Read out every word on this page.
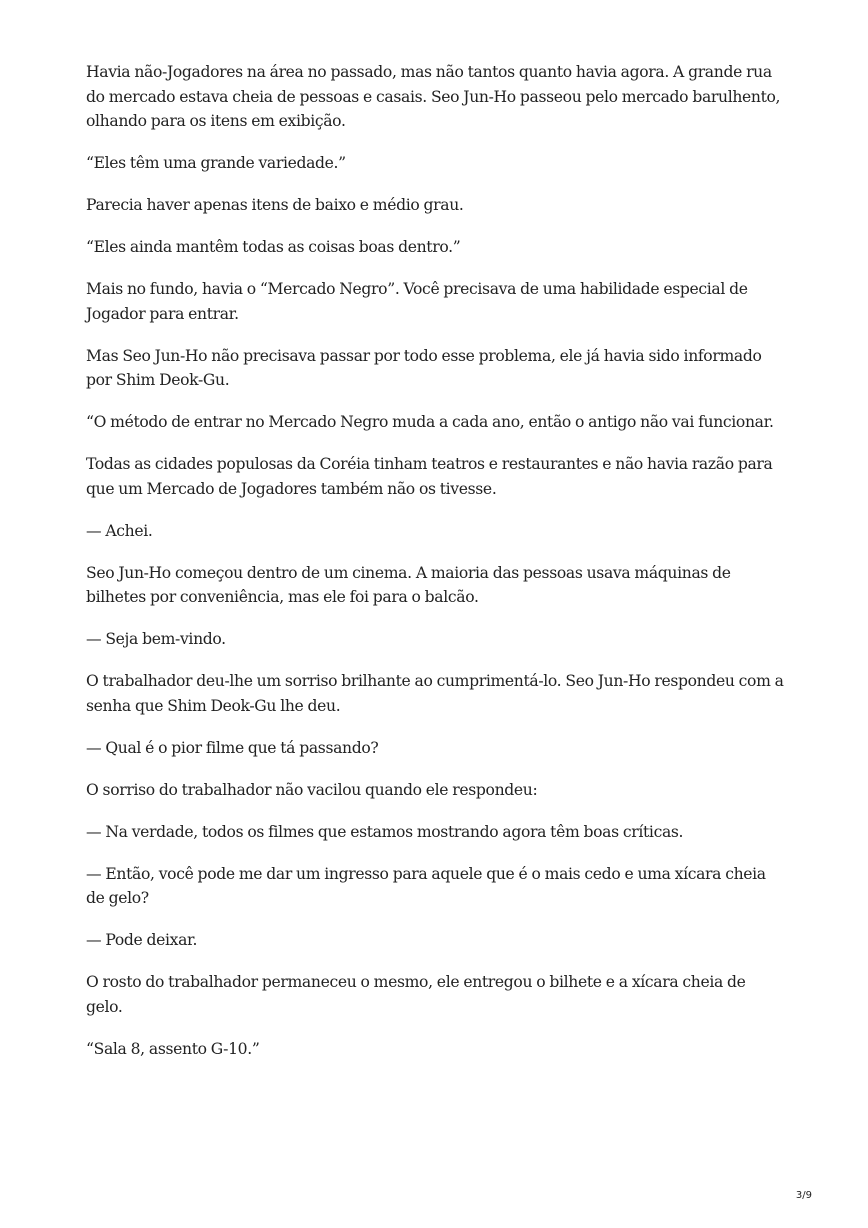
Havia não-Jogadores na área no passado, mas não tantos quanto havia agora. A grande rua do mercado estava cheia de pessoas e casais. Seo Jun-Ho passeou pelo mercado barulhento, olhando para os itens em exibição.

“Eles têm uma grande variedade.”

Parecia haver apenas itens de baixo e médio grau.

“Eles ainda mantêm todas as coisas boas dentro.”

Mais no fundo, havia o “Mercado Negro”. Você precisava de uma habilidade especial de Jogador para entrar.

Mas Seo Jun-Ho não precisava passar por todo esse problema, ele já havia sido informado por Shim Deok-Gu.

“O método de entrar no Mercado Negro muda a cada ano, então o antigo não vai funcionar.

Todas as cidades populosas da Coréia tinham teatros e restaurantes e não havia razão para que um Mercado de Jogadores também não os tivesse.

— Achei.

Seo Jun-Ho começou dentro de um cinema. A maioria das pessoas usava máquinas de bilhetes por conveniência, mas ele foi para o balcão.

— Seja bem-vindo.

O trabalhador deu-lhe um sorriso brilhante ao cumprimentá-lo. Seo Jun-Ho respondeu com a senha que Shim Deok-Gu lhe deu.

— Qual é o pior filme que tá passando?

O sorriso do trabalhador não vacilou quando ele respondeu:

— Na verdade, todos os filmes que estamos mostrando agora têm boas críticas.

— Então, você pode me dar um ingresso para aquele que é o mais cedo e uma xícara cheia de gelo?

— Pode deixar.

O rosto do trabalhador permaneceu o mesmo, ele entregou o bilhete e a xícara cheia de gelo.

“Sala 8, assento G-10.”

3/9
